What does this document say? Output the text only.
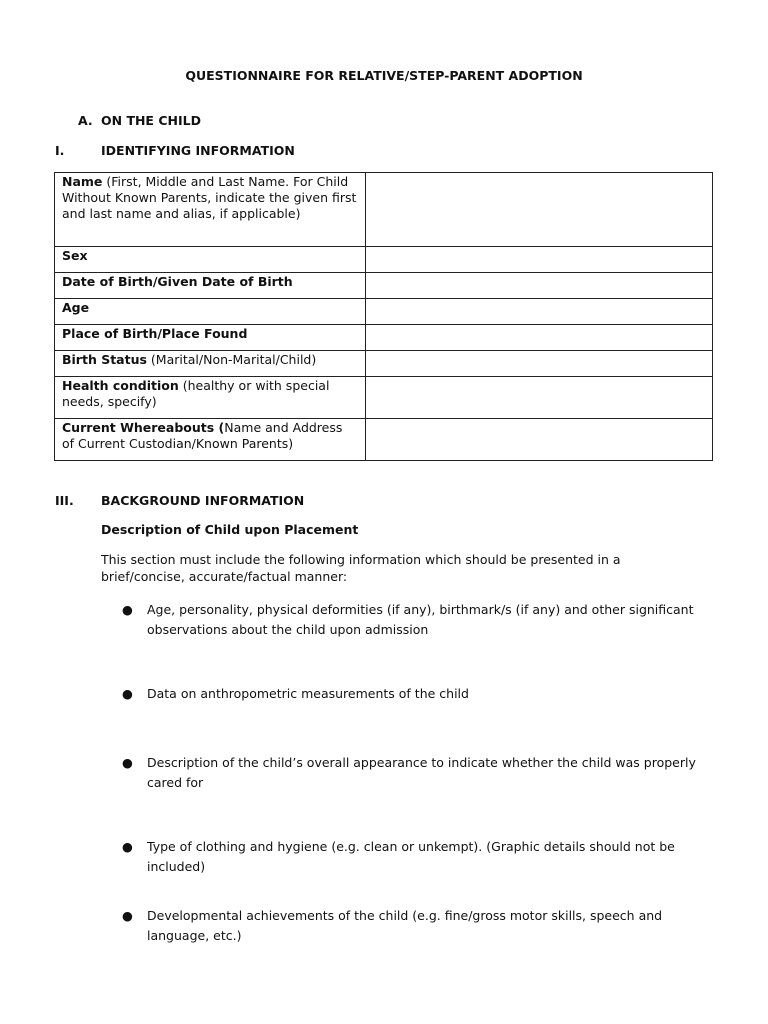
QUESTIONNAIRE FOR RELATIVE/STEP-PARENT ADOPTION
A. ON THE CHILD
I.	IDENTIFYING INFORMATION
Name (First, Middle and Last Name. For Child Without Known Parents, indicate the given first and last name and alias, if applicable)	
Sex	
Date of Birth/Given Date of Birth	
Age	
Place of Birth/Place Found	
Birth Status (Marital/Non-Marital/Child)	
Health condition (healthy or with special needs, specify)	
Current Whereabouts (Name and Address of Current Custodian/Known Parents)	
III. BACKGROUND INFORMATION
Description of Child upon Placement
This section must include the following information which should be presented in a brief/concise, accurate/factual manner:
● Age, personality, physical deformities (if any), birthmark/s (if any) and other significant observations about the child upon admission
● Data on anthropometric measurements of the child
● Description of the child’s overall appearance to indicate whether the child was properly cared for
● Type of clothing and hygiene (e.g. clean or unkempt). (Graphic details should not be included)
● Developmental achievements of the child (e.g. fine/gross motor skills, speech and language, etc.)
